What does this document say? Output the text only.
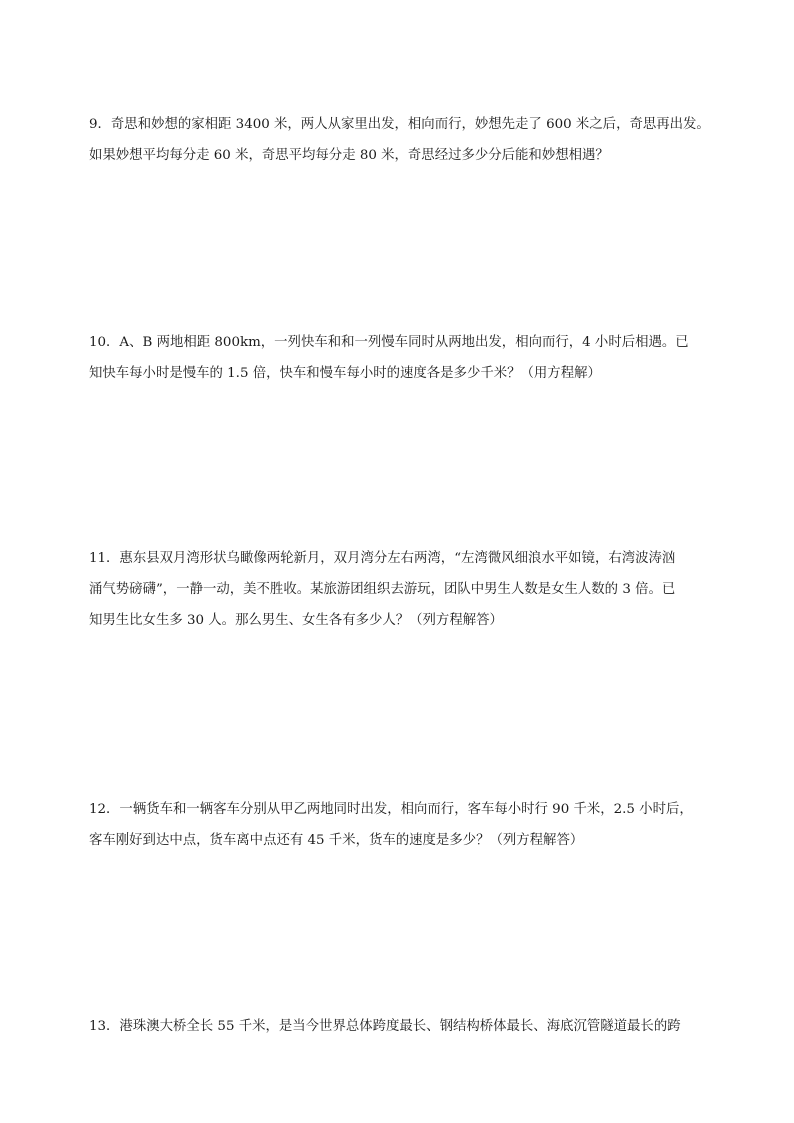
9．奇思和妙想的家相距 3400 米，两人从家里出发，相向而行，妙想先走了 600 米之后，奇思再出发。
如果妙想平均每分走 60 米，奇思平均每分走 80 米，奇思经过多少分后能和妙想相遇？
10．A、B 两地相距 800km，一列快车和和一列慢车同时从两地出发，相向而行，4 小时后相遇。已
知快车每小时是慢车的 1.5 倍，快车和慢车每小时的速度各是多少千米？（用方程解）
11．惠东县双月湾形状乌瞰像两轮新月，双月湾分左右两湾，“左湾微风细浪水平如镜，右湾波涛汹
涌气势磅礴”，一静一动，美不胜收。某旅游团组织去游玩，团队中男生人数是女生人数的 3 倍。已
知男生比女生多 30 人。那么男生、女生各有多少人？（列方程解答）
12．一辆货车和一辆客车分别从甲乙两地同时出发，相向而行，客车每小时行 90 千米，2.5 小时后，
客车刚好到达中点，货车离中点还有 45 千米，货车的速度是多少？（列方程解答）
13．港珠澳大桥全长 55 千米，是当今世界总体跨度最长、钢结构桥体最长、海底沉管隧道最长的跨
